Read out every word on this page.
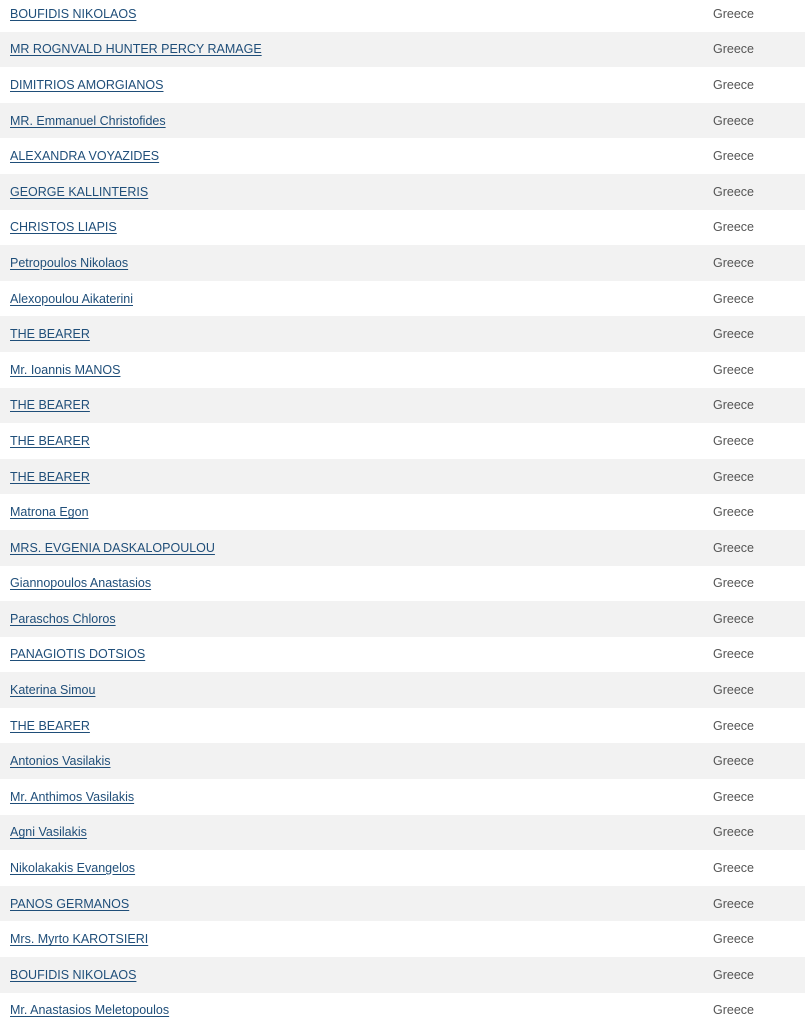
BOUFIDIS NIKOLAOS	Greece
MR ROGNVALD HUNTER PERCY RAMAGE	Greece
DIMITRIOS AMORGIANOS	Greece
MR. Emmanuel Christofides	Greece
ALEXANDRA VOYAZIDES	Greece
GEORGE KALLINTERIS	Greece
CHRISTOS LIAPIS	Greece
Petropoulos Nikolaos	Greece
Alexopoulou Aikaterini	Greece
THE BEARER	Greece
Mr. Ioannis MANOS	Greece
THE BEARER	Greece
THE BEARER	Greece
THE BEARER	Greece
Matrona Egon	Greece
MRS. EVGENIA DASKALOPOULOU	Greece
Giannopoulos Anastasios	Greece
Paraschos Chloros	Greece
PANAGIOTIS DOTSIOS	Greece
Katerina Simou	Greece
THE BEARER	Greece
Antonios Vasilakis	Greece
Mr. Anthimos Vasilakis	Greece
Agni Vasilakis	Greece
Nikolakakis Evangelos	Greece
PANOS GERMANOS	Greece
Mrs. Myrto KAROTSIERI	Greece
BOUFIDIS NIKOLAOS	Greece
Mr. Anastasios Meletopoulos	Greece
